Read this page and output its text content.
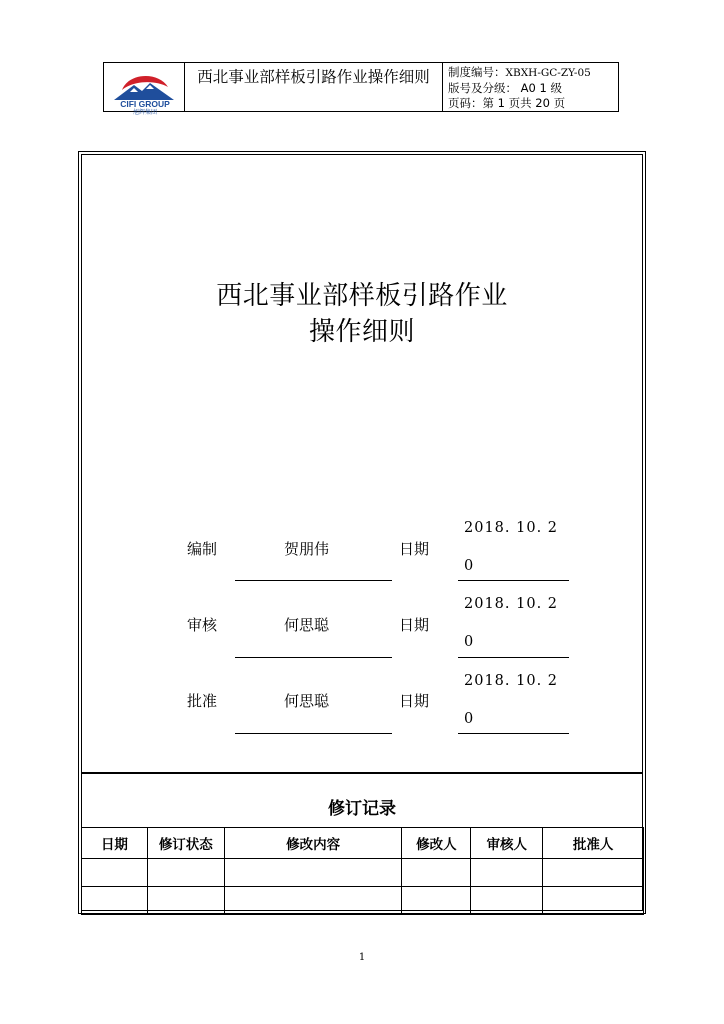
CIFI GROUP
旭辉集团
西北事业部样板引路作业操作细则	制度编号：XBXH-GC-ZY-05
版号及分级： A0 1 级
页码：第 1 页共 20 页
西北事业部样板引路作业
操作细则
编制	贺朋伟	日期
2018. 10. 2
0
审核	何思聪	日期
2018. 10. 2
0
批准	何思聪	日期
2018. 10. 2
0
修订记录
日期	修订状态	修改内容	修改人	审核人	批准人

1
